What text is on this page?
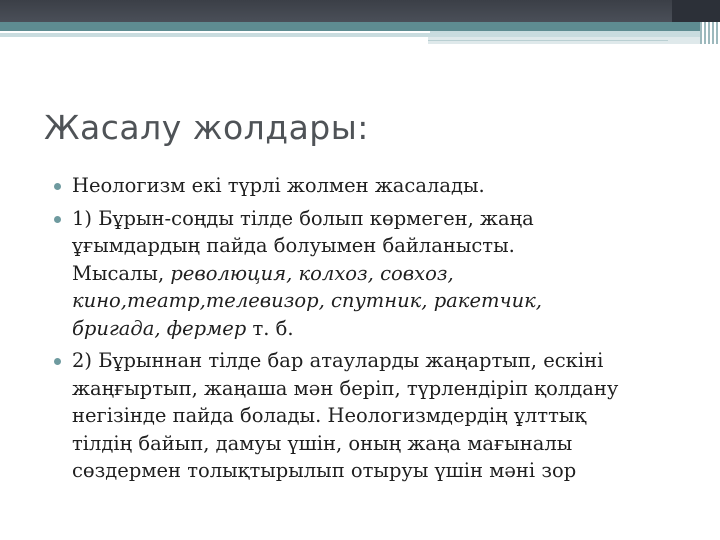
Жасалу жолдары:
Неологизм екі түрлі жолмен жасалады.
1) Бұрын-соңды тілде болып көрмеген, жаңа
ұғымдардың пайда болуымен байланысты.
Мысалы, революция, колхоз, совхоз,
кино,театр,телевизор, спутник, ракетчик,
бригада, фермер т. б.
2) Бұрыннан тілде бар атауларды жаңартып, ескіні
жаңғыртып, жаңаша мән беріп, түрлендіріп қолдану
негізінде пайда болады. Неологизмдердің ұлттық
тілдің байып, дамуы үшін, оның жаңа мағыналы
сөздермен толықтырылып отыруы үшін мәні зор
